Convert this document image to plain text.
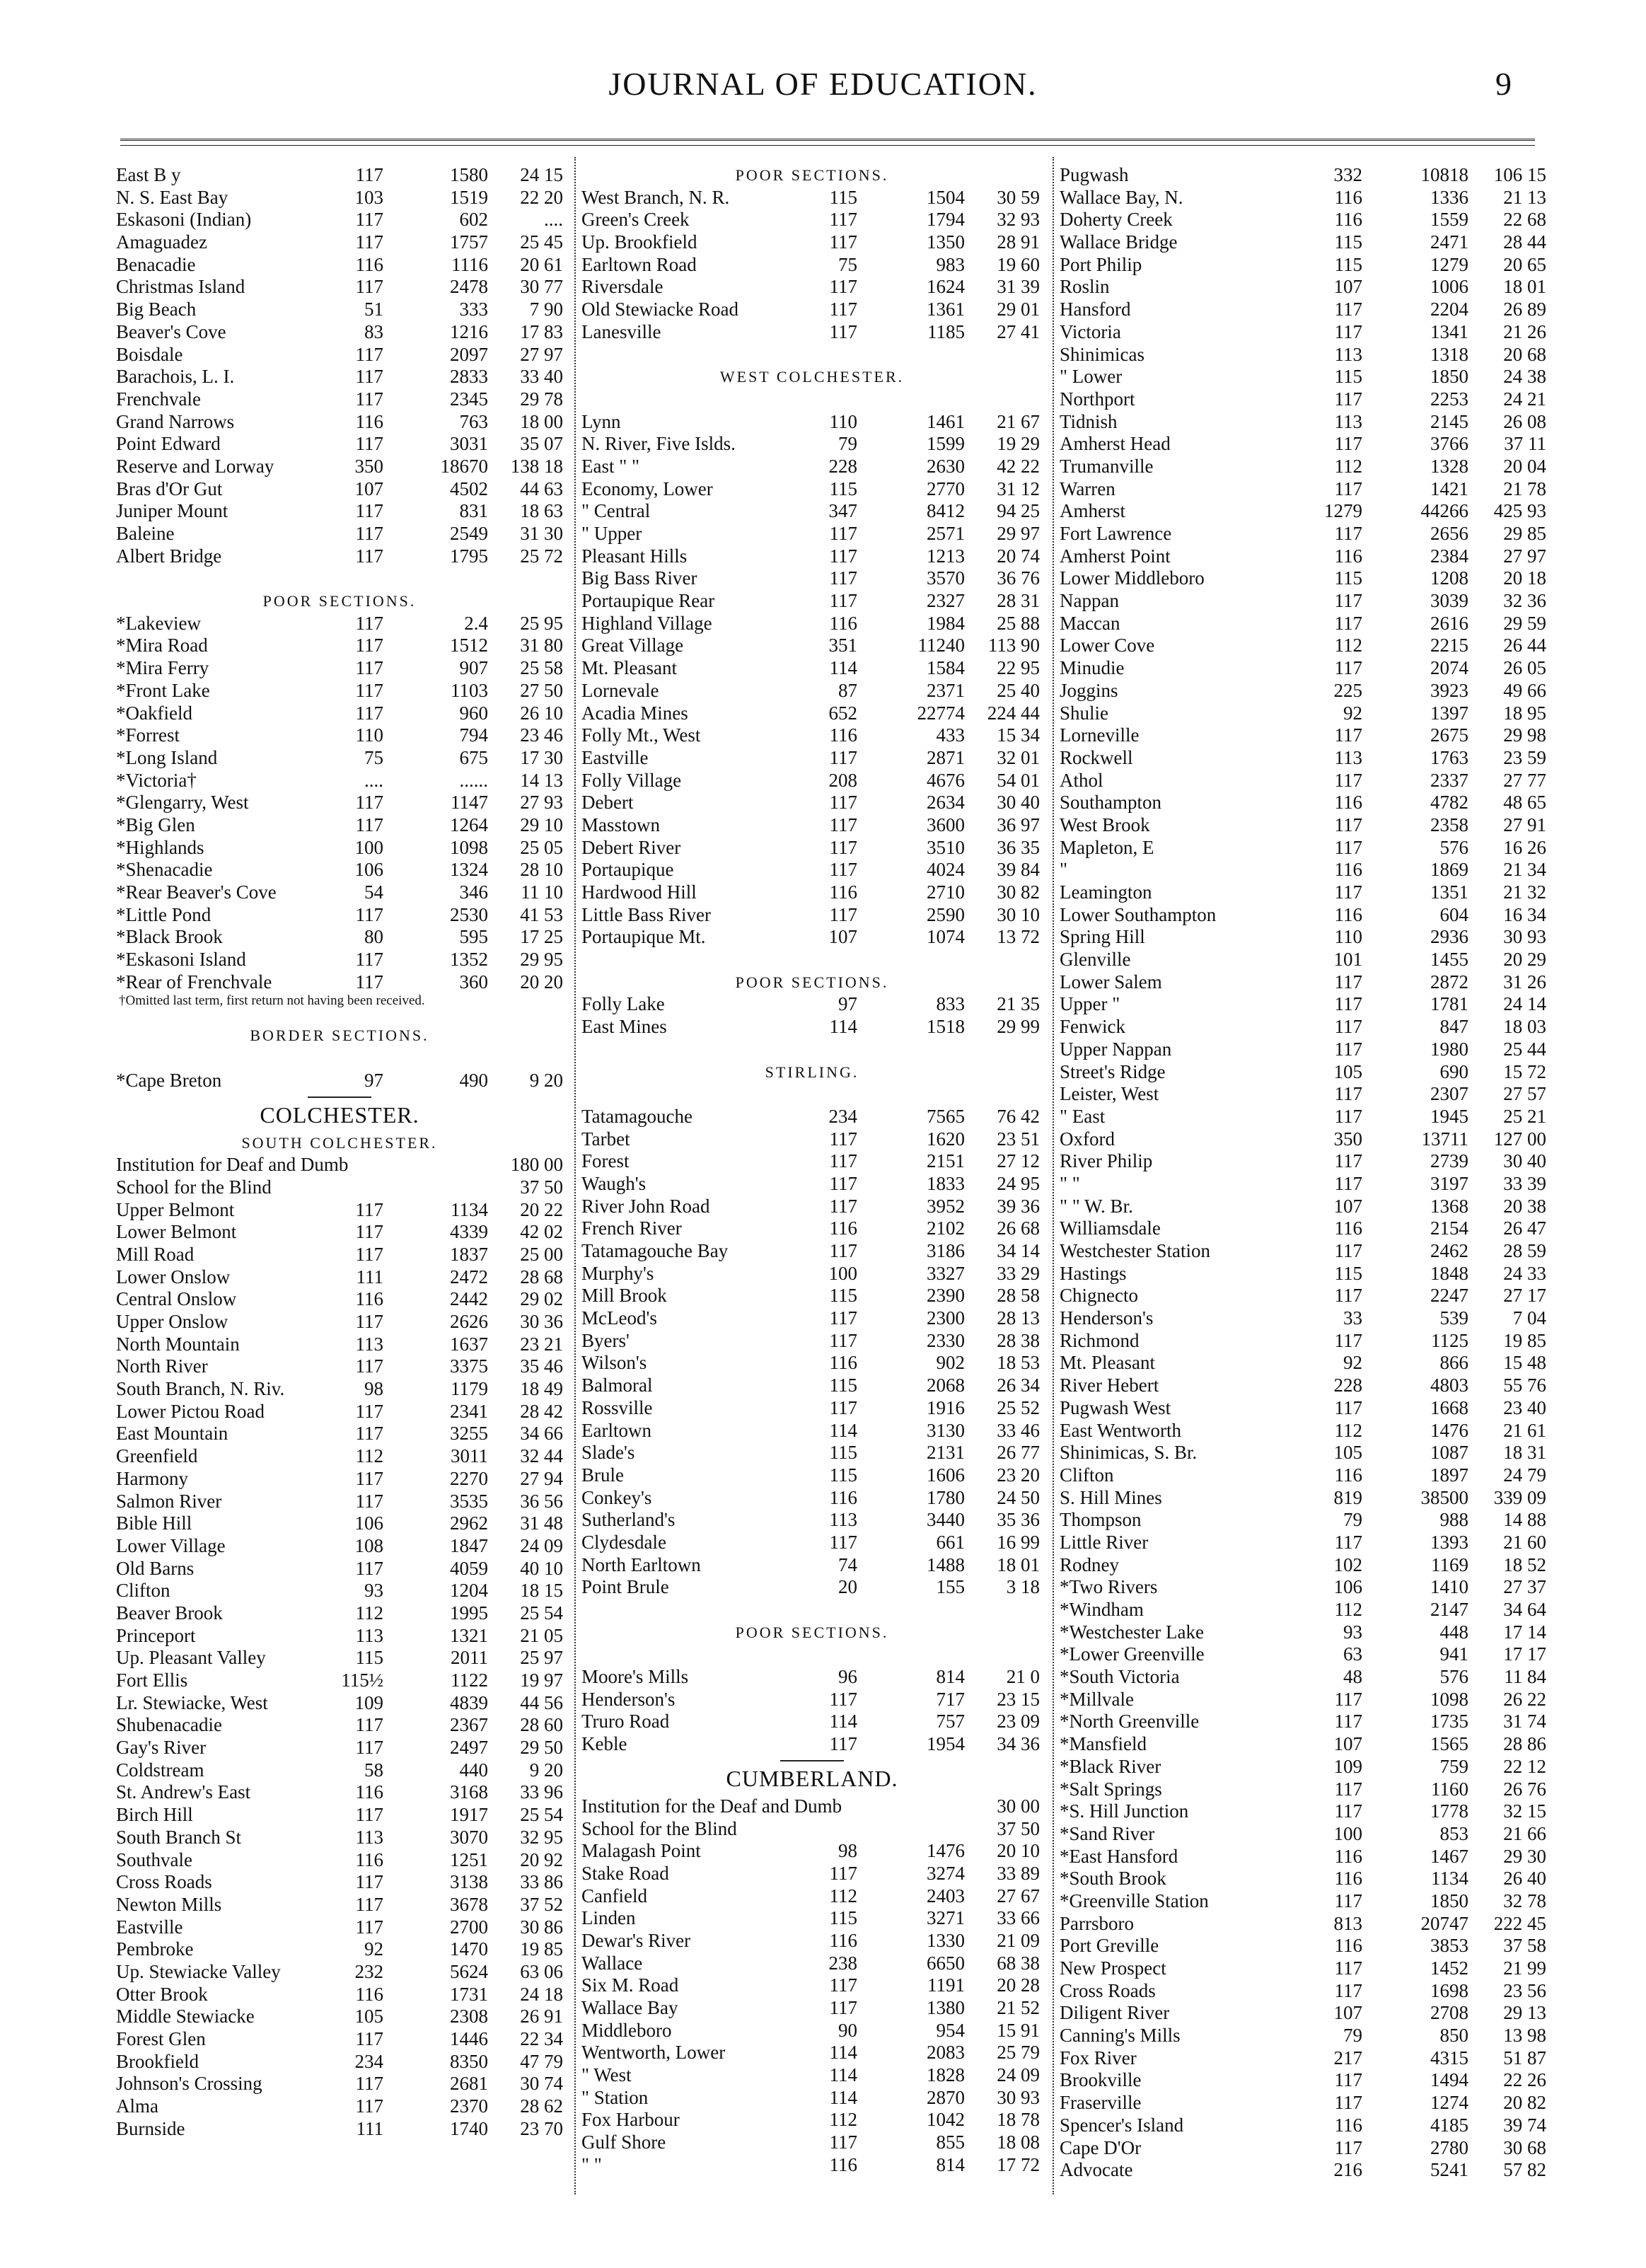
JOURNAL OF EDUCATION.	9
East B y	117	1580	24 15
N. S. East Bay	103	1519	22 20
Eskasoni (Indian)	117	602	....
Amaguadez	117	1757	25 45
Benacadie	116	1116	20 61
Christmas Island	117	2478	30 77
Big Beach	51	333	7 90
Beaver's Cove	83	1216	17 83
Boisdale	117	2097	27 97
Barachois, L. I.	117	2833	33 40
Frenchvale	117	2345	29 78
Grand Narrows	116	763	18 00
Point Edward	117	3031	35 07
Reserve and Lorway	350	18670	138 18
Bras d'Or Gut	107	4502	44 63
Juniper Mount	117	831	18 63
Baleine	117	2549	31 30
Albert Bridge	117	1795	25 72
POOR SECTIONS.
*Lakeview	117	2.4	25 95
*Mira Road	117	1512	31 80
*Mira Ferry	117	907	25 58
*Front Lake	117	1103	27 50
*Oakfield	117	960	26 10
*Forrest	110	794	23 46
*Long Island	75	675	17 30
*Victoria†	....	......	14 13
*Glengarry, West	117	1147	27 93
*Big Glen	117	1264	29 10
*Highlands	100	1098	25 05
*Shenacadie	106	1324	28 10
*Rear Beaver's Cove	54	346	11 10
*Little Pond	117	2530	41 53
*Black Brook	80	595	17 25
*Eskasoni Island	117	1352	29 95
*Rear of Frenchvale	117	360	20 20
†Omitted last term, first return not having been received.
BORDER SECTIONS.
*Cape Breton	97	490	9 20
COLCHESTER.
SOUTH COLCHESTER.
Institution for Deaf and Dumb	180 00
School for the Blind	37 50
Upper Belmont	117	1134	20 22
Lower Belmont	117	4339	42 02
Mill Road	117	1837	25 00
Lower Onslow	111	2472	28 68
Central Onslow	116	2442	29 02
Upper Onslow	117	2626	30 36
North Mountain	113	1637	23 21
North River	117	3375	35 46
South Branch, N. Riv.	98	1179	18 49
Lower Pictou Road	117	2341	28 42
East Mountain	117	3255	34 66
Greenfield	112	3011	32 44
Harmony	117	2270	27 94
Salmon River	117	3535	36 56
Bible Hill	106	2962	31 48
Lower Village	108	1847	24 09
Old Barns	117	4059	40 10
Clifton	93	1204	18 15
Beaver Brook	112	1995	25 54
Princeport	113	1321	21 05
Up. Pleasant Valley	115	2011	25 97
Fort Ellis	115½	1122	19 97
Lr. Stewiacke, West	109	4839	44 56
Shubenacadie	117	2367	28 60
Gay's River	117	2497	29 50
Coldstream	58	440	9 20
St. Andrew's East	116	3168	33 96
Birch Hill	117	1917	25 54
South Branch St	113	3070	32 95
Southvale	116	1251	20 92
Cross Roads	117	3138	33 86
Newton Mills	117	3678	37 52
Eastville	117	2700	30 86
Pembroke	92	1470	19 85
Up. Stewiacke Valley	232	5624	63 06
Otter Brook	116	1731	24 18
Middle Stewiacke	105	2308	26 91
Forest Glen	117	1446	22 34
Brookfield	234	8350	47 79
Johnson's Crossing	117	2681	30 74
Alma	117	2370	28 62
Burnside	111	1740	23 70
POOR SECTIONS.
West Branch, N. R.	115	1504	30 59
Green's Creek	117	1794	32 93
Up. Brookfield	117	1350	28 91
Earltown Road	75	983	19 60
Riversdale	117	1624	31 39
Old Stewiacke Road	117	1361	29 01
Lanesville	117	1185	27 41
WEST COLCHESTER.
Lynn	110	1461	21 67
N. River, Five Islds.	79	1599	19 29
East " "	228	2630	42 22
Economy, Lower	115	2770	31 12
" Central	347	8412	94 25
" Upper	117	2571	29 97
Pleasant Hills	117	1213	20 74
Big Bass River	117	3570	36 76
Portaupique Rear	117	2327	28 31
Highland Village	116	1984	25 88
Great Village	351	11240	113 90
Mt. Pleasant	114	1584	22 95
Lornevale	87	2371	25 40
Acadia Mines	652	22774	224 44
Folly Mt., West	116	433	15 34
Eastville	117	2871	32 01
Folly Village	208	4676	54 01
Debert	117	2634	30 40
Masstown	117	3600	36 97
Debert River	117	3510	36 35
Portaupique	117	4024	39 84
Hardwood Hill	116	2710	30 82
Little Bass River	117	2590	30 10
Portaupique Mt.	107	1074	13 72
POOR SECTIONS.
Folly Lake	97	833	21 35
East Mines	114	1518	29 99
STIRLING.
Tatamagouche	234	7565	76 42
Tarbet	117	1620	23 51
Forest	117	2151	27 12
Waugh's	117	1833	24 95
River John Road	117	3952	39 36
French River	116	2102	26 68
Tatamagouche Bay	117	3186	34 14
Murphy's	100	3327	33 29
Mill Brook	115	2390	28 58
McLeod's	117	2300	28 13
Byers'	117	2330	28 38
Wilson's	116	902	18 53
Balmoral	115	2068	26 34
Rossville	117	1916	25 52
Earltown	114	3130	33 46
Slade's	115	2131	26 77
Brule	115	1606	23 20
Conkey's	116	1780	24 50
Sutherland's	113	3440	35 36
Clydesdale	117	661	16 99
North Earltown	74	1488	18 01
Point Brule	20	155	3 18
POOR SECTIONS.
Moore's Mills	96	814	21 0
Henderson's	117	717	23 15
Truro Road	114	757	23 09
Keble	117	1954	34 36
CUMBERLAND.
Institution for the Deaf and Dumb	30 00
School for the Blind	37 50
Malagash Point	98	1476	20 10
Stake Road	117	3274	33 89
Canfield	112	2403	27 67
Linden	115	3271	33 66
Dewar's River	116	1330	21 09
Wallace	238	6650	68 38
Six M. Road	117	1191	20 28
Wallace Bay	117	1380	21 52
Middleboro	90	954	15 91
Wentworth, Lower	114	2083	25 79
" West	114	1828	24 09
" Station	114	2870	30 93
Fox Harbour	112	1042	18 78
Gulf Shore	117	855	18 08
" "	116	814	17 72
Pugwash	332	10818	106 15
Wallace Bay, N.	116	1336	21 13
Doherty Creek	116	1559	22 68
Wallace Bridge	115	2471	28 44
Port Philip	115	1279	20 65
Roslin	107	1006	18 01
Hansford	117	2204	26 89
Victoria	117	1341	21 26
Shinimicas	113	1318	20 68
" Lower	115	1850	24 38
Northport	117	2253	24 21
Tidnish	113	2145	26 08
Amherst Head	117	3766	37 11
Trumanville	112	1328	20 04
Warren	117	1421	21 78
Amherst	1279	44266	425 93
Fort Lawrence	117	2656	29 85
Amherst Point	116	2384	27 97
Lower Middleboro	115	1208	20 18
Nappan	117	3039	32 36
Maccan	117	2616	29 59
Lower Cove	112	2215	26 44
Minudie	117	2074	26 05
Joggins	225	3923	49 66
Shulie	92	1397	18 95
Lorneville	117	2675	29 98
Rockwell	113	1763	23 59
Athol	117	2337	27 77
Southampton	116	4782	48 65
West Brook	117	2358	27 91
Mapleton, E	117	576	16 26
"	116	1869	21 34
Leamington	117	1351	21 32
Lower Southampton	116	604	16 34
Spring Hill	110	2936	30 93
Glenville	101	1455	20 29
Lower Salem	117	2872	31 26
Upper "	117	1781	24 14
Fenwick	117	847	18 03
Upper Nappan	117	1980	25 44
Street's Ridge	105	690	15 72
Leister, West	117	2307	27 57
" East	117	1945	25 21
Oxford	350	13711	127 00
River Philip	117	2739	30 40
" "	117	3197	33 39
" " W. Br.	107	1368	20 38
Williamsdale	116	2154	26 47
Westchester Station	117	2462	28 59
Hastings	115	1848	24 33
Chignecto	117	2247	27 17
Henderson's	33	539	7 04
Richmond	117	1125	19 85
Mt. Pleasant	92	866	15 48
River Hebert	228	4803	55 76
Pugwash West	117	1668	23 40
East Wentworth	112	1476	21 61
Shinimicas, S. Br.	105	1087	18 31
Clifton	116	1897	24 79
S. Hill Mines	819	38500	339 09
Thompson	79	988	14 88
Little River	117	1393	21 60
Rodney	102	1169	18 52
*Two Rivers	106	1410	27 37
*Windham	112	2147	34 64
*Westchester Lake	93	448	17 14
*Lower Greenville	63	941	17 17
*South Victoria	48	576	11 84
*Millvale	117	1098	26 22
*North Greenville	117	1735	31 74
*Mansfield	107	1565	28 86
*Black River	109	759	22 12
*Salt Springs	117	1160	26 76
*S. Hill Junction	117	1778	32 15
*Sand River	100	853	21 66
*East Hansford	116	1467	29 30
*South Brook	116	1134	26 40
*Greenville Station	117	1850	32 78
Parrsboro	813	20747	222 45
Port Greville	116	3853	37 58
New Prospect	117	1452	21 99
Cross Roads	117	1698	23 56
Diligent River	107	2708	29 13
Canning's Mills	79	850	13 98
Fox River	217	4315	51 87
Brookville	117	1494	22 26
Fraserville	117	1274	20 82
Spencer's Island	116	4185	39 74
Cape D'Or	117	2780	30 68
Advocate	216	5241	57 82
